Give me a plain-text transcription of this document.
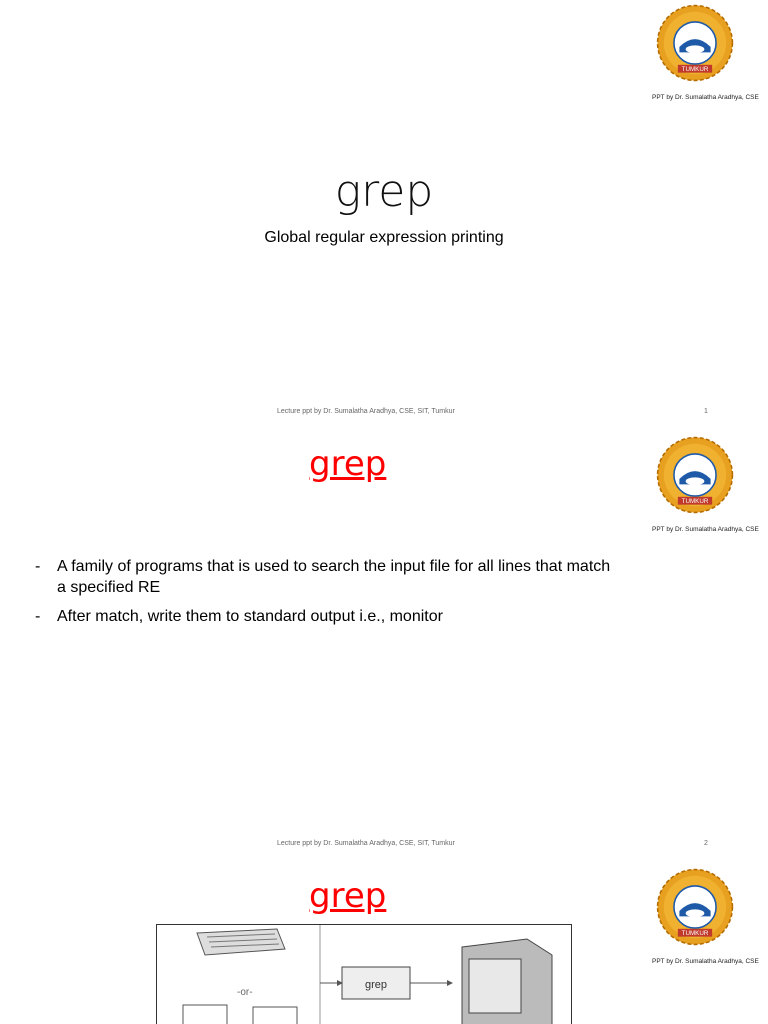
TUMKUR
PPT by Dr. Sumalatha Aradhya, CSE
grep
Global regular expression printing
Lecture ppt by Dr. Sumalatha Aradhya, CSE, SIT, Tumkur	1
TUMKUR
PPT by Dr. Sumalatha Aradhya, CSE
grep
-	A family of programs that is used to search the input file for all lines that match a specified RE
-	After match, write them to standard output i.e., monitor
Lecture ppt by Dr. Sumalatha Aradhya, CSE, SIT, Tumkur	2
TUMKUR
PPT by Dr. Sumalatha Aradhya, CSE
grep
-or-
grep
